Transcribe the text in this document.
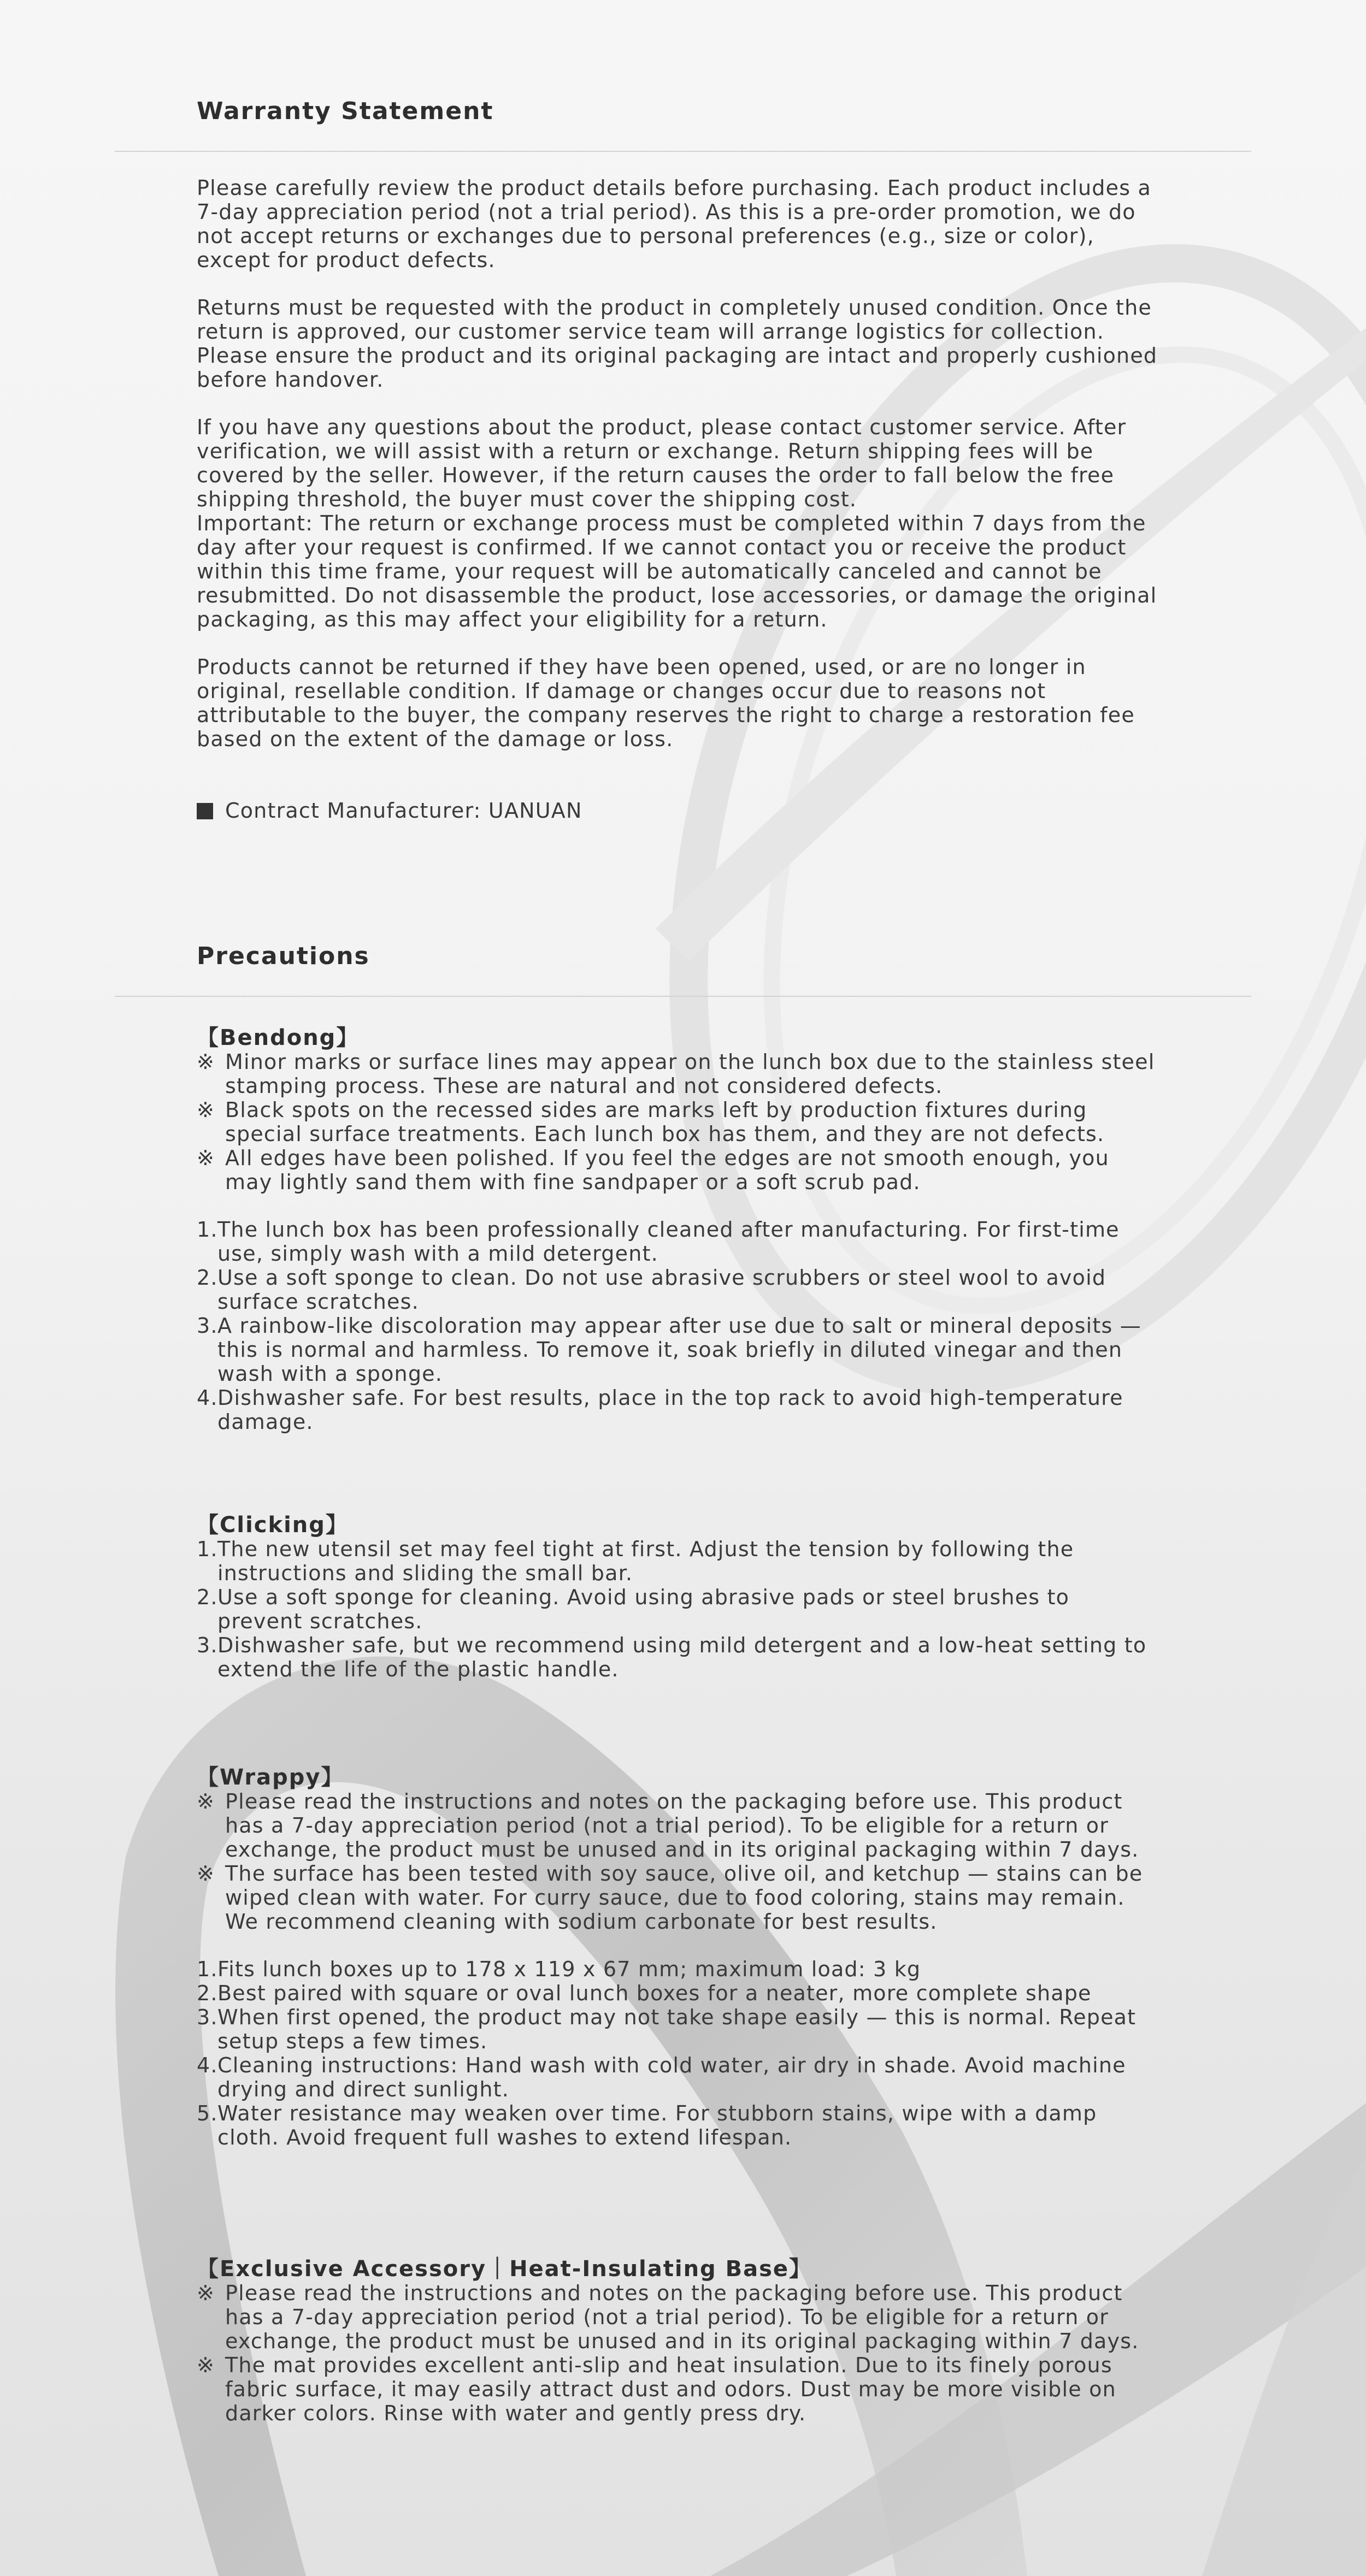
Warranty Statement

Please carefully review the product details before purchasing. Each product includes a 7-day appreciation period (not a trial period). As this is a pre-order promotion, we do not accept returns or exchanges due to personal preferences (e.g., size or color), except for product defects.

Returns must be requested with the product in completely unused condition. Once the return is approved, our customer service team will arrange logistics for collection. Please ensure the product and its original packaging are intact and properly cushioned before handover.

If you have any questions about the product, please contact customer service. After verification, we will assist with a return or exchange. Return shipping fees will be covered by the seller. However, if the return causes the order to fall below the free shipping threshold, the buyer must cover the shipping cost.

Important: The return or exchange process must be completed within 7 days from the day after your request is confirmed. If we cannot contact you or receive the product within this time frame, your request will be automatically canceled and cannot be resubmitted. Do not disassemble the product, lose accessories, or damage the original packaging, as this may affect your eligibility for a return.

Products cannot be returned if they have been opened, used, or are no longer in original, resellable condition. If damage or changes occur due to reasons not attributable to the buyer, the company reserves the right to charge a restoration fee based on the extent of the damage or loss.

Contract Manufacturer: UANUAN
Precautions

【Bendong】

※ Minor marks or surface lines may appear on the lunch box due to the stainless steel stamping process. These are natural and not considered defects.
※ Black spots on the recessed sides are marks left by production fixtures during special surface treatments. Each lunch box has them, and they are not defects.
※ All edges have been polished. If you feel the edges are not smooth enough, you may lightly sand them with fine sandpaper or a soft scrub pad.
1. The lunch box has been professionally cleaned after manufacturing. For first-time use, simply wash with a mild detergent.
2. Use a soft sponge to clean. Do not use abrasive scrubbers or steel wool to avoid surface scratches.
3. A rainbow-like discoloration may appear after use due to salt or mineral deposits — this is normal and harmless. To remove it, soak briefly in diluted vinegar and then wash with a sponge.
4. Dishwasher safe. For best results, place in the top rack to avoid high-temperature damage.

【Clicking】

1. The new utensil set may feel tight at first. Adjust the tension by following the instructions and sliding the small bar.
2. Use a soft sponge for cleaning. Avoid using abrasive pads or steel brushes to prevent scratches.
3. Dishwasher safe, but we recommend using mild detergent and a low-heat setting to extend the life of the plastic handle.

【Wrappy】

※ Please read the instructions and notes on the packaging before use. This product has a 7-day appreciation period (not a trial period). To be eligible for a return or exchange, the product must be unused and in its original packaging within 7 days.
※ The surface has been tested with soy sauce, olive oil, and ketchup — stains can be wiped clean with water. For curry sauce, due to food coloring, stains may remain. We recommend cleaning with sodium carbonate for best results.
1. Fits lunch boxes up to 178 x 119 x 67 mm; maximum load: 3 kg
2. Best paired with square or oval lunch boxes for a neater, more complete shape
3. When first opened, the product may not take shape easily — this is normal. Repeat setup steps a few times.
4. Cleaning instructions: Hand wash with cold water, air dry in shade. Avoid machine drying and direct sunlight.
5. Water resistance may weaken over time. For stubborn stains, wipe with a damp cloth. Avoid frequent full washes to extend lifespan.

【Exclusive Accessory｜Heat-Insulating Base】

※ Please read the instructions and notes on the packaging before use. This product has a 7-day appreciation period (not a trial period). To be eligible for a return or exchange, the product must be unused and in its original packaging within 7 days.
※ The mat provides excellent anti-slip and heat insulation. Due to its finely porous fabric surface, it may easily attract dust and odors. Dust may be more visible on darker colors. Rinse with water and gently press dry.
